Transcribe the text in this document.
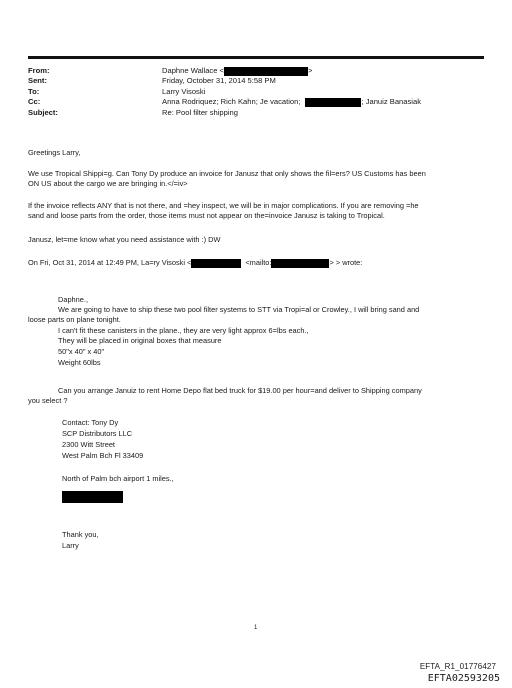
From:	Daphne Wallace <	>
Sent:	Friday, October 31, 2014 5:58 PM
To:	Larry Visoski
Cc:	Anna Rodriquez; Rich Kahn; Je vacation;	; Januiz Banasiak
Subject:	Re: Pool filter shipping
Greetings Larry,
We use Tropical Shippi=g. Can Tony Dy produce an invoice for Janusz that only shows the fil=ers? US Customs has been
ON US about the cargo we are bringing in.</=iv>
If the invoice reflects ANY that is not there, and =hey inspect, we will be in major complications. If you are removing =he
sand and loose parts from the order, those items must not appear on the=invoice Janusz is taking to Tropical.
Janusz, let=me know what you need assistance with :) DW
On Fri, Oct 31, 2014 at 12:49 PM, La=ry Visoski <	<mailto:	> > wrote:
Daphne.,
We are going to have to ship these two pool filter systems to STT via Tropi=al or Crowley., I will bring sand and
loose parts on plane tonight.
I can't fit these canisters in the plane., they are very light approx 6=lbs each.,
They will be placed in original boxes that measure
50"x 40" x 40"
Weight 60lbs
Can you arrange Januiz to rent Home Depo flat bed truck for $19.00 per hour=and deliver to Shipping company
you select ?
Contact: Tony Dy
SCP Distributors LLC
2300 Witt Street
West Palm Bch Fl 33409
North of Palm bch airport 1 miles.,
Thank you,
Larry
1
EFTA_R1_01776427
EFTA02593205
